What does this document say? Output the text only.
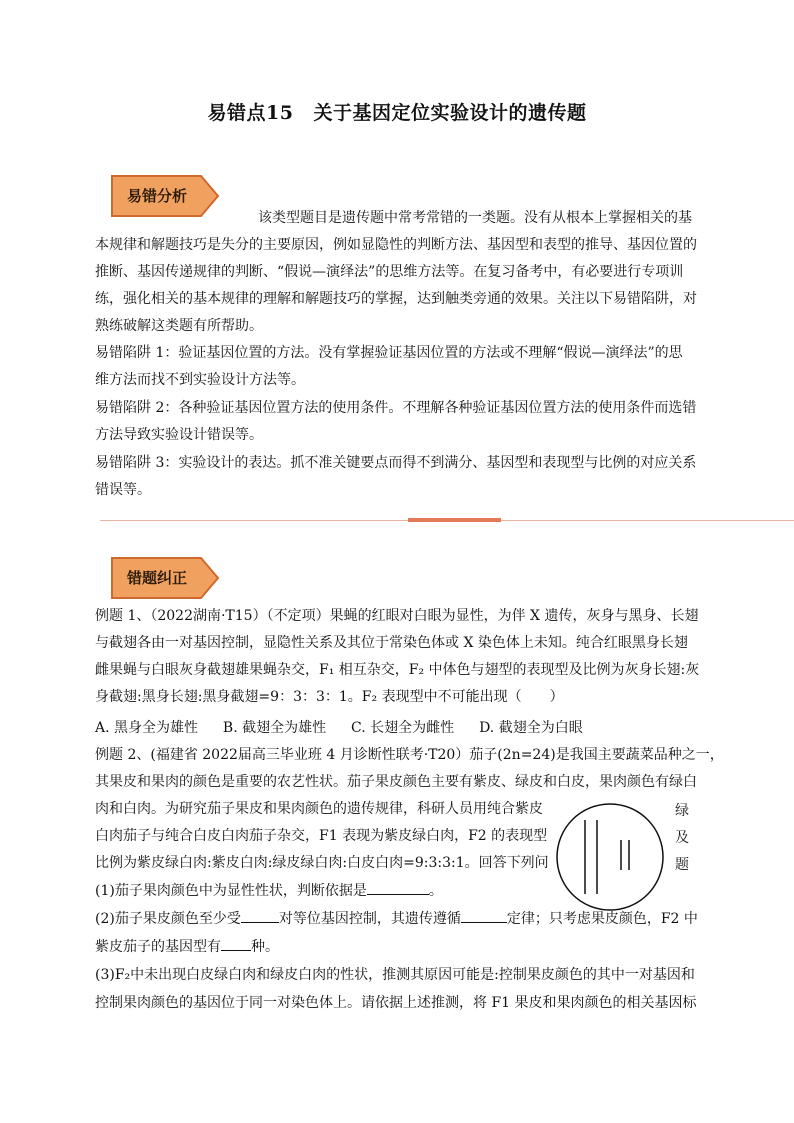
易错点15 关于基因定位实验设计的遗传题
易错分析
该类型题目是遗传题中常考常错的一类题。没有从根本上掌握相关的基
本规律和解题技巧是失分的主要原因，例如显隐性的判断方法、基因型和表型的推导、基因位置的
推断、基因传递规律的判断、“假说—演绎法”的思维方法等。在复习备考中，有必要进行专项训
练，强化相关的基本规律的理解和解题技巧的掌握，达到触类旁通的效果。关注以下易错陷阱，对
熟练破解这类题有所帮助。
易错陷阱 1：验证基因位置的方法。没有掌握验证基因位置的方法或不理解“假说—演绎法”的思
维方法而找不到实验设计方法等。
易错陷阱 2：各种验证基因位置方法的使用条件。不理解各种验证基因位置方法的使用条件而选错
方法导致实验设计错误等。
易错陷阱 3：实验设计的表达。抓不准关键要点而得不到满分、基因型和表现型与比例的对应关系
错误等。
错题纠正
例题 1、（2022湖南·T15）（不定项）果蝇的红眼对白眼为显性，为伴 X 遗传，灰身与黑身、长翅
与截翅各由一对基因控制，显隐性关系及其位于常染色体或 X 染色体上未知。纯合红眼黑身长翅
雌果蝇与白眼灰身截翅雄果蝇杂交，F₁ 相互杂交，F₂ 中体色与翅型的表现型及比例为灰身长翅:灰
身截翅:黑身长翅:黑身截翅=9：3：3：1。F₂ 表现型中不可能出现（　　）
A. 黑身全为雄性 B. 截翅全为雄性 C. 长翅全为雌性 D. 截翅全为白眼
例题 2、(福建省 2022届高三毕业班 4 月诊断性联考·T20）茄子(2n=24)是我国主要蔬菜品种之一，
其果皮和果肉的颜色是重要的农艺性状。茄子果皮颜色主要有紫皮、绿皮和白皮，果肉颜色有绿白
肉和白肉。为研究茄子果皮和果肉颜色的遗传规律，科研人员用纯合紫皮
白肉茄子与纯合白皮白肉茄子杂交，F1 表现为紫皮绿白肉，F2 的表现型
比例为紫皮绿白肉:紫皮白肉:绿皮绿白肉:白皮白肉=9:3:3:1。回答下列问
绿
及
题
(1)茄子果肉颜色中为显性性状，判断依据是	。
(2)茄子果皮颜色至少受	对等位基因控制，其遗传遵循	定律；只考虑果皮颜色，F2 中
紫皮茄子的基因型有 种。
(3)F₂中未出现白皮绿白肉和绿皮白肉的性状，推测其原因可能是:控制果皮颜色的其中一对基因和
控制果肉颜色的基因位于同一对染色体上。请依据上述推测，将 F1 果皮和果肉颜色的相关基因标
